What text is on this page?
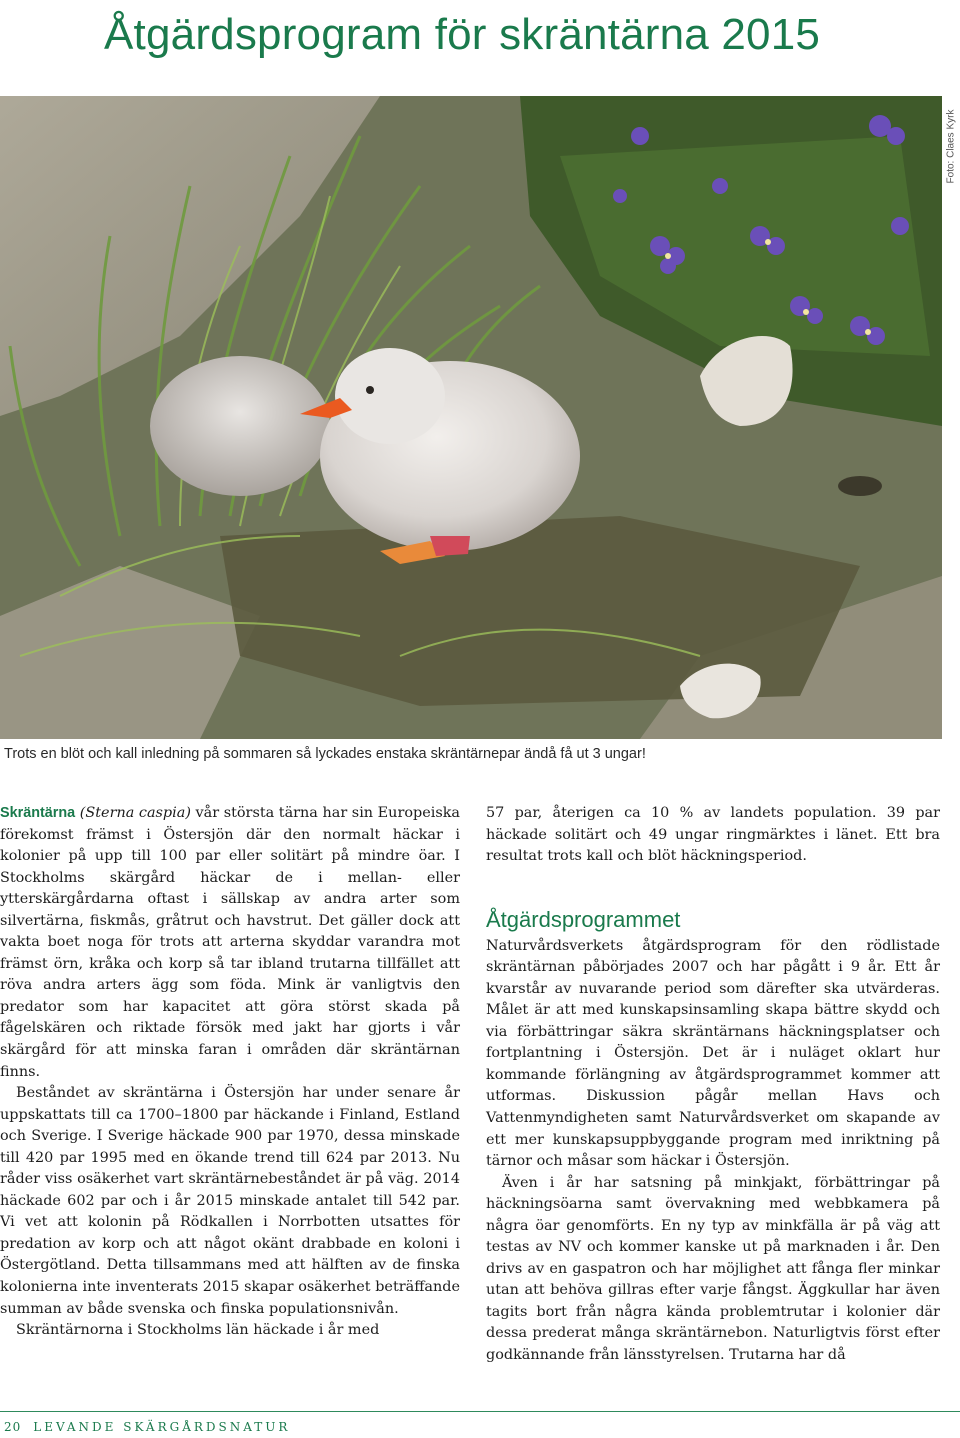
Åtgärdsprogram för skräntärna 2015
Foto: Claes Kyrk
Trots en blöt och kall inledning på sommaren så lyckades enstaka skräntärnepar ändå få ut 3 ungar!

Skräntärna (Sterna caspia) vår största tärna har sin Europeiska förekomst främst i Östersjön där den normalt häckar i kolonier på upp till 100 par eller solitärt på mindre öar. I Stockholms skärgård häckar de i mellan- eller ytterskärgårdarna oftast i sällskap av andra arter som silvertärna, fiskmås, gråtrut och havstrut. Det gäller dock att vakta boet noga för trots att arterna skyddar varandra mot främst örn, kråka och korp så tar ibland trutarna tillfället att röva andra arters ägg som föda. Mink är vanligtvis den predator som har kapacitet att göra störst skada på fågelskären och riktade försök med jakt har gjorts i vår skärgård för att minska faran i områden där skräntärnan finns.

Beståndet av skräntärna i Östersjön har under senare år uppskattats till ca 1700–1800 par häckande i Finland, Estland och Sverige. I Sverige häckade 900 par 1970, dessa minskade till 420 par 1995 med en ökande trend till 624 par 2013. Nu råder viss osäkerhet vart skräntärnebeståndet är på väg. 2014 häckade 602 par och i år 2015 minskade antalet till 542 par. Vi vet att kolonin på Rödkallen i Norrbotten utsattes för predation av korp och att något okänt drabbade en koloni i Östergötland. Detta tillsammans med att hälften av de finska kolonierna inte inventerats 2015 skapar osäkerhet beträffande summan av både svenska och finska populationsnivån.

Skräntärnorna i Stockholms län häckade i år med

57 par, återigen ca 10 % av landets population. 39 par häckade solitärt och 49 ungar ringmärktes i länet. Ett bra resultat trots kall och blöt häckningsperiod.

Åtgärdsprogrammet

Naturvårdsverkets åtgärdsprogram för den rödlistade skräntärnan påbörjades 2007 och har pågått i 9 år. Ett år kvarstår av nuvarande period som därefter ska utvärderas. Målet är att med kunskapsinsamling skapa bättre skydd och via förbättringar säkra skräntärnans häckningsplatser och fortplantning i Östersjön. Det är i nuläget oklart hur kommande förlängning av åtgärdsprogrammet kommer att utformas. Diskussion pågår mellan Havs och Vattenmyndigheten samt Naturvårdsverket om skapande av ett mer kunskapsuppbyggande program med inriktning på tärnor och måsar som häckar i Östersjön.

Även i år har satsning på minkjakt, förbättringar på häckningsöarna samt övervakning med webbkamera på några öar genomförts. En ny typ av minkfälla är på väg att testas av NV och kommer kanske ut på marknaden i år. Den drivs av en gaspatron och har möjlighet att fånga fler minkar utan att behöva gillras efter varje fångst. Äggkullar har även tagits bort från några kända problemtrutar i kolonier där dessa prederat många skräntärnebon. Naturligtvis först efter godkännande från länsstyrelsen. Trutarna har då

20 LEVANDE SKÄRGÅRDSNATUR
